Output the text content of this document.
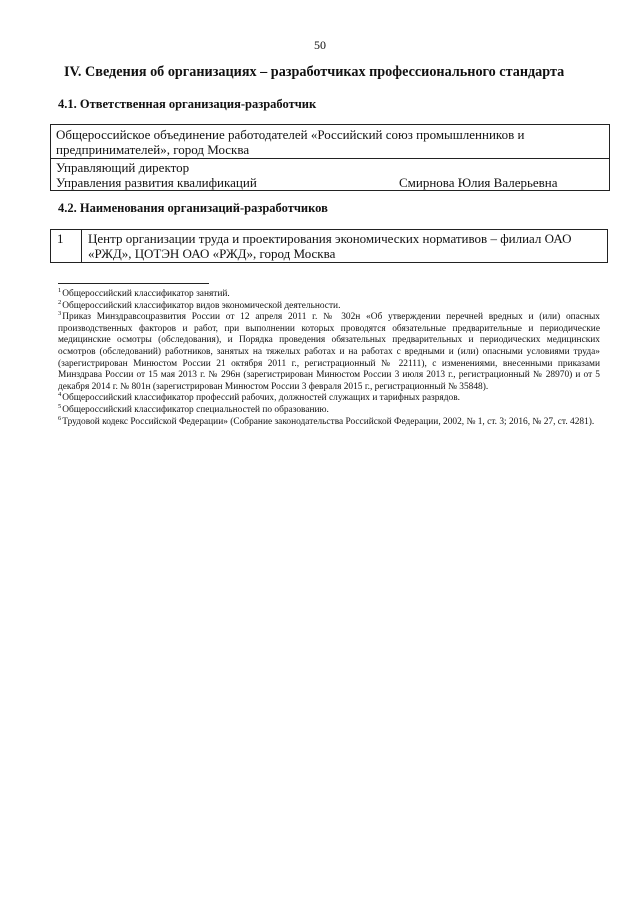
50
IV. Сведения об организациях – разработчиках профессионального стандарта
4.1. Ответственная организация-разработчик
Общероссийское объединение работодателей «Российский союз промышленников и предпринимателей», город Москва
Управляющий директор
Управления развития квалификаций	Смирнова Юлия Валерьевна
4.2. Наименования организаций-разработчиков
1	Центр организации труда и проектирования экономических нормативов – филиал ОАО «РЖД», ЦОТЭН ОАО «РЖД», город Москва

$^1$Общероссийский классификатор занятий.

$^2$Общероссийский классификатор видов экономической деятельности.

$^3$Приказ Минздравсоцразвития России от 12 апреля 2011 г. № 302н «Об утверждении перечней вредных и (или) опасных производственных факторов и работ, при выполнении которых проводятся обязательные предварительные и периодические медицинские осмотры (обследования), и Порядка проведения обязательных предварительных и периодических медицинских осмотров (обследований) работников, занятых на тяжелых работах и на работах с вредными и (или) опасными условиями труда» (зарегистрирован Минюстом России 21 октября 2011 г., регистрационный № 22111), с изменениями, внесенными приказами Минздрава России от 15 мая 2013 г. № 296н (зарегистрирован Минюстом России 3 июля 2013 г., регистрационный № 28970) и от 5 декабря 2014 г. № 801н (зарегистрирован Минюстом России 3 февраля 2015 г., регистрационный № 35848).

$^4$Общероссийский классификатор профессий рабочих, должностей служащих и тарифных разрядов.

$^5$Общероссийский классификатор специальностей по образованию.

$^6$Трудовой кодекс Российской Федерации» (Собрание законодательства Российской Федерации, 2002, № 1, ст. 3; 2016, № 27, ст. 4281).
